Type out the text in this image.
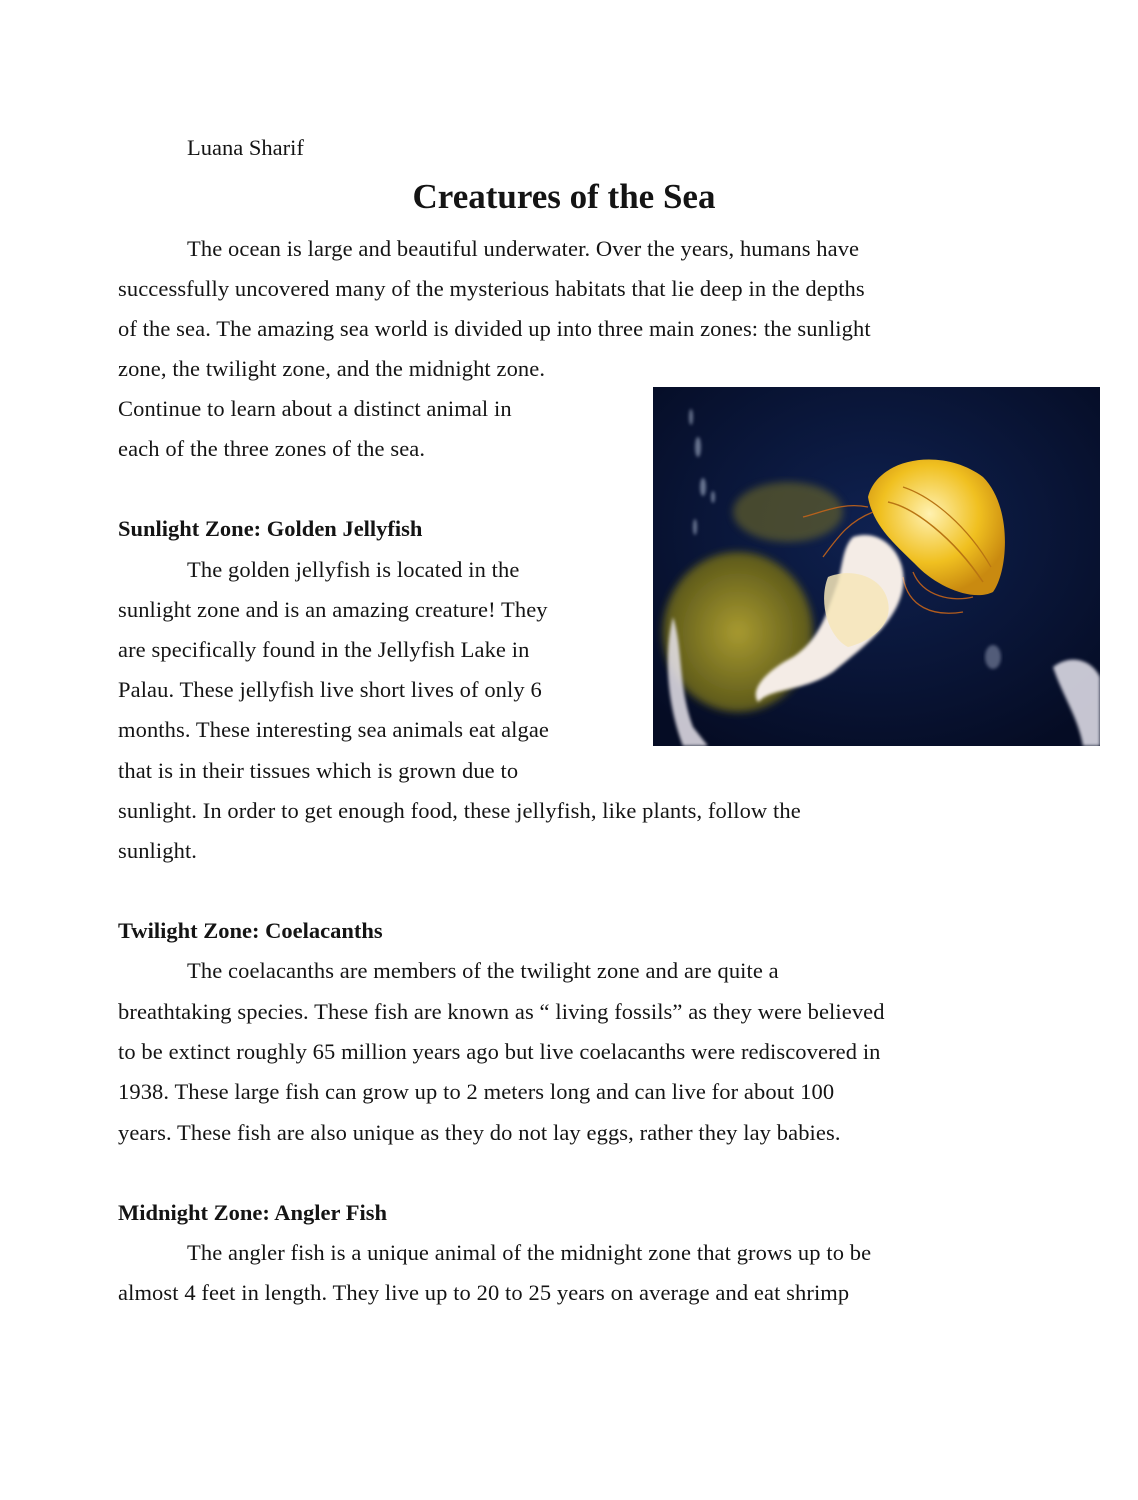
Luana Sharif
Creatures of the Sea
The ocean is large and beautiful underwater. Over the years, humans have
successfully uncovered many of the mysterious habitats that lie deep in the depths
of the sea. The amazing sea world is divided up into three main zones: the sunlight
zone, the twilight zone, and the midnight zone.
Continue to learn about a distinct animal in
each of the three zones of the sea.
Sunlight Zone: Golden Jellyfish
The golden jellyfish is located in the
sunlight zone and is an amazing creature! They
are specifically found in the Jellyfish Lake in
Palau. These jellyfish live short lives of only 6
months. These interesting sea animals eat algae
that is in their tissues which is grown due to
sunlight. In order to get enough food, these jellyfish, like plants, follow the
sunlight.
Twilight Zone: Coelacanths
The coelacanths are members of the twilight zone and are quite a
breathtaking species. These fish are known as “ living fossils” as they were believed
to be extinct roughly 65 million years ago but live coelacanths were rediscovered in
1938. These large fish can grow up to 2 meters long and can live for about 100
years. These fish are also unique as they do not lay eggs, rather they lay babies.
Midnight Zone: Angler Fish
The angler fish is a unique animal of the midnight zone that grows up to be
almost 4 feet in length. They live up to 20 to 25 years on average and eat shrimp
